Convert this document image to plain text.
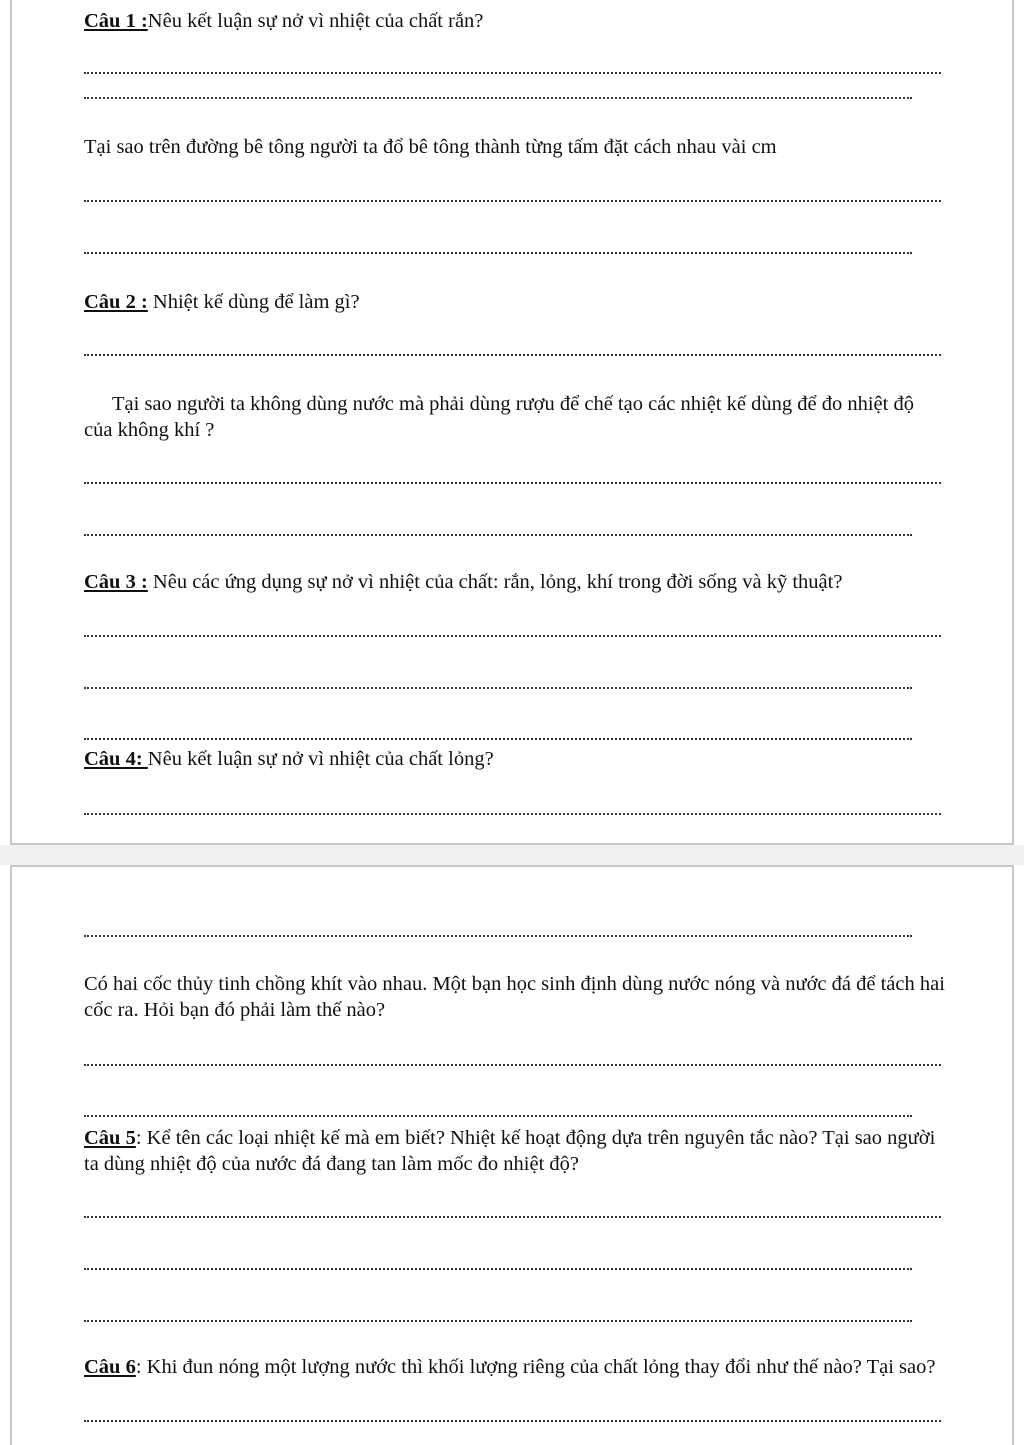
Câu 1 :Nêu kết luận sự nở vì nhiệt của chất rắn?
Tại sao trên đường bê tông người ta đổ bê tông thành từng tấm đặt cách nhau vài cm
Câu 2 : Nhiệt kế dùng để làm gì?
Tại sao người ta không dùng nước mà phải dùng rượu để chế tạo các nhiệt kế dùng để đo nhiệt độ của không khí ?
Câu 3 : Nêu các ứng dụng sự nở vì nhiệt của chất: rắn, lỏng, khí trong đời sống và kỹ thuật?
Câu 4: Nêu kết luận sự nở vì nhiệt của chất lỏng?
Có hai cốc thủy tinh chồng khít vào nhau. Một bạn học sinh định dùng nước nóng và nước đá để tách hai cốc ra. Hỏi bạn đó phải làm thế nào?
Câu 5: Kể tên các loại nhiệt kế mà em biết? Nhiệt kế hoạt động dựa trên nguyên tắc nào? Tại sao người ta dùng nhiệt độ của nước đá đang tan làm mốc đo nhiệt độ?
Câu 6: Khi đun nóng một lượng nước thì khối lượng riêng của chất lỏng thay đổi như thế nào? Tại sao?
